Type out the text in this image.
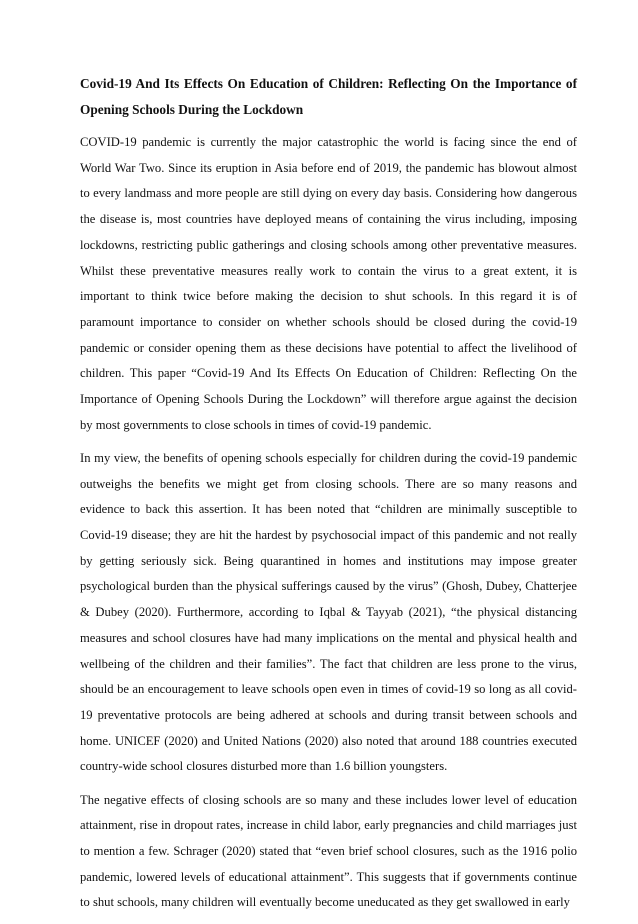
Covid-19 And Its Effects On Education of Children: Reflecting On the Importance of Opening Schools During the Lockdown

COVID-19 pandemic is currently the major catastrophic the world is facing since the end of World War Two. Since its eruption in Asia before end of 2019, the pandemic has blowout almost to every landmass and more people are still dying on every day basis. Considering how dangerous the disease is, most countries have deployed means of containing the virus including, imposing lockdowns, restricting public gatherings and closing schools among other preventative measures. Whilst these preventative measures really work to contain the virus to a great extent, it is important to think twice before making the decision to shut schools. In this regard it is of paramount importance to consider on whether schools should be closed during the covid-19 pandemic or consider opening them as these decisions have potential to affect the livelihood of children. This paper “Covid-19 And Its Effects On Education of Children: Reflecting On the Importance of Opening Schools During the Lockdown” will therefore argue against the decision by most governments to close schools in times of covid-19 pandemic.

In my view, the benefits of opening schools especially for children during the covid-19 pandemic outweighs the benefits we might get from closing schools. There are so many reasons and evidence to back this assertion. It has been noted that “children are minimally susceptible to Covid-19 disease; they are hit the hardest by psychosocial impact of this pandemic and not really by getting seriously sick. Being quarantined in homes and institutions may impose greater psychological burden than the physical sufferings caused by the virus” (Ghosh, Dubey, Chatterjee & Dubey (2020). Furthermore, according to Iqbal & Tayyab (2021), “the physical distancing measures and school closures have had many implications on the mental and physical health and wellbeing of the children and their families”. The fact that children are less prone to the virus, should be an encouragement to leave schools open even in times of covid-19 so long as all covid-19 preventative protocols are being adhered at schools and during transit between schools and home. UNICEF (2020) and United Nations (2020) also noted that around 188 countries executed country-wide school closures disturbed more than 1.6 billion youngsters.

The negative effects of closing schools are so many and these includes lower level of education attainment, rise in dropout rates, increase in child labor, early pregnancies and child marriages just to mention a few. Schrager (2020) stated that “even brief school closures, such as the 1916 polio pandemic, lowered levels of educational attainment”. This suggests that if governments continue to shut schools, many children will eventually become uneducated as they get swallowed in early
